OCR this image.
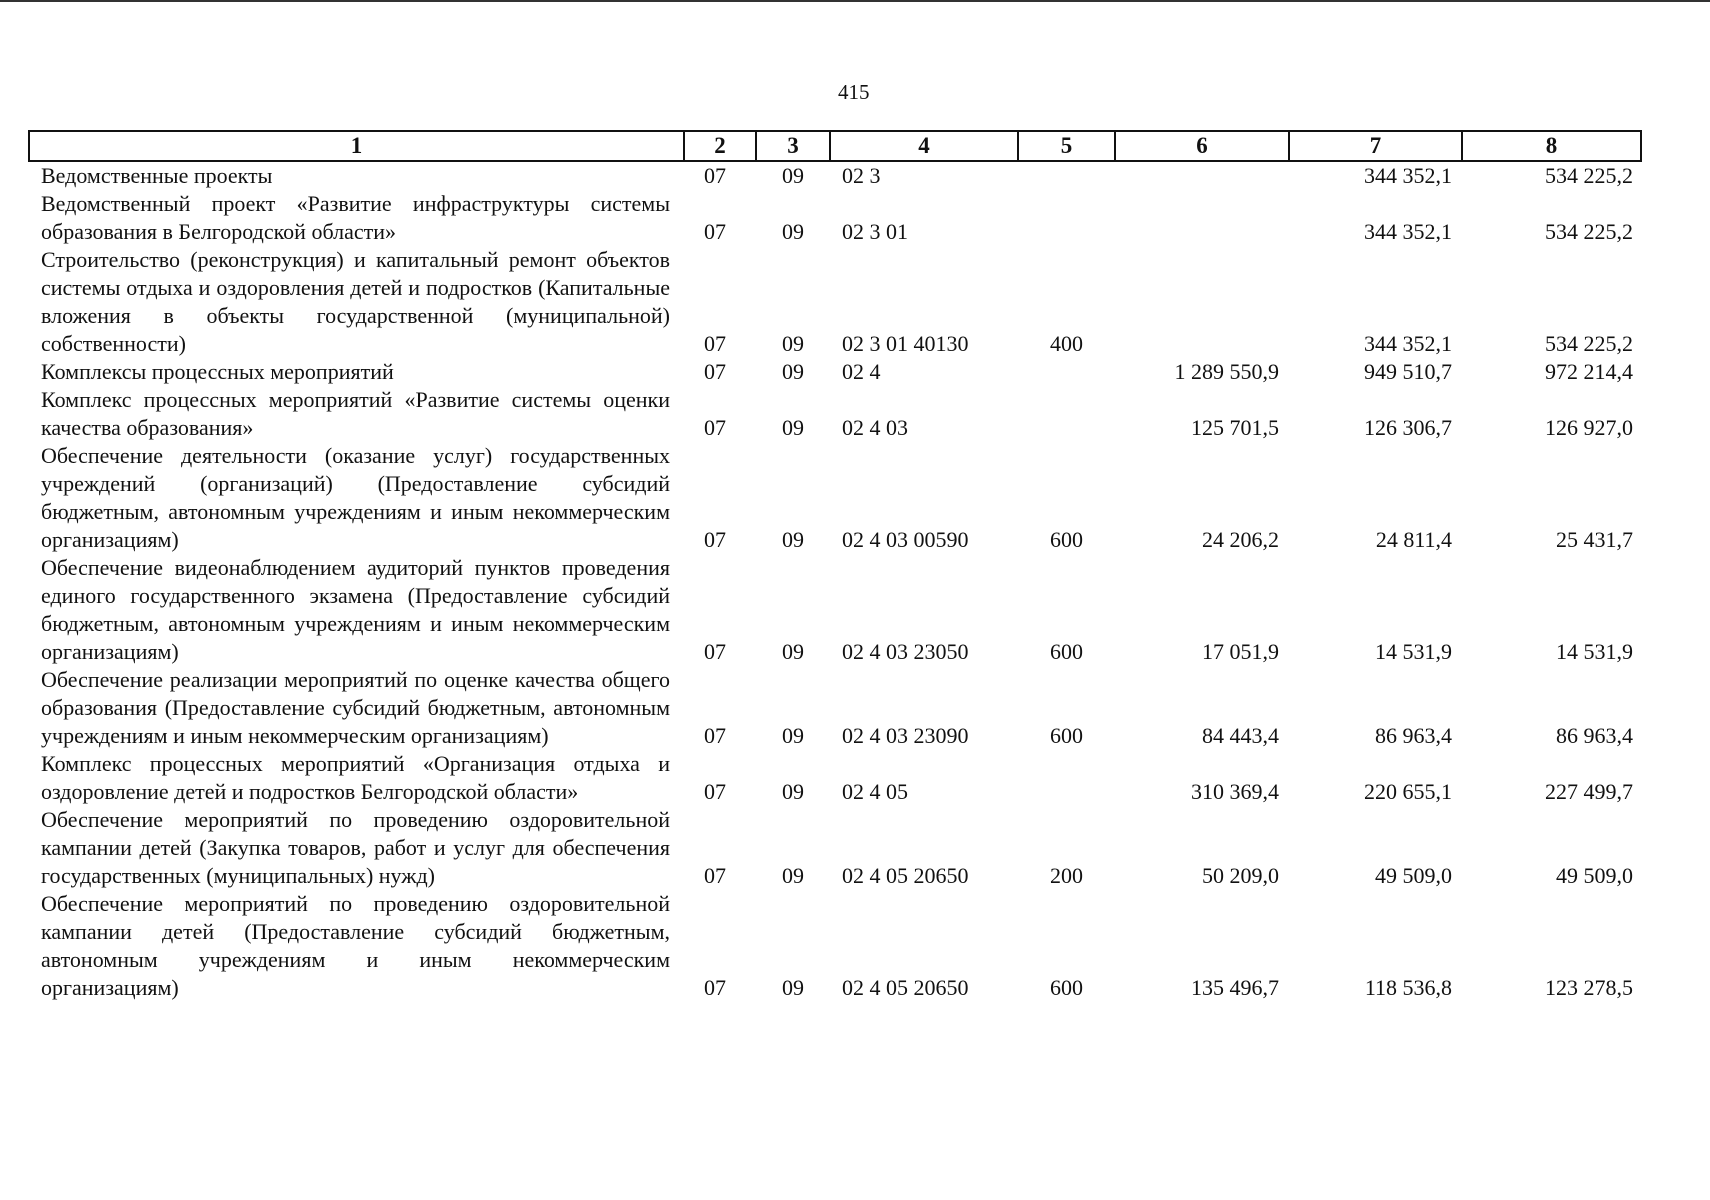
415
1	2	3	4	5	6	7	8
Ведомственные проекты	07	09	02 3			344 352,1	534 225,2
Ведомственный проект «Развитие инфраструктуры системы образования в Белгородской области»	07	09	02 3 01			344 352,1	534 225,2
Строительство (реконструкция) и капитальный ремонт объектов системы отдыха и оздоровления детей и подростков (Капитальные вложения в объекты государственной (муниципальной) собственности)	07	09	02 3 01 40130	400		344 352,1	534 225,2
Комплексы процессных мероприятий	07	09	02 4		1 289 550,9	949 510,7	972 214,4
Комплекс процессных мероприятий «Развитие системы оценки качества образования»	07	09	02 4 03		125 701,5	126 306,7	126 927,0
Обеспечение деятельности (оказание услуг) государственных учреждений (организаций) (Предоставление субсидий бюджетным, автономным учреждениям и иным некоммерческим организациям)	07	09	02 4 03 00590	600	24 206,2	24 811,4	25 431,7
Обеспечение видеонаблюдением аудиторий пунктов проведения единого государственного экзамена (Предоставление субсидий бюджетным, автономным учреждениям и иным некоммерческим организациям)	07	09	02 4 03 23050	600	17 051,9	14 531,9	14 531,9
Обеспечение реализации мероприятий по оценке качества общего образования (Предоставление субсидий бюджетным, автономным учреждениям и иным некоммерческим организациям)	07	09	02 4 03 23090	600	84 443,4	86 963,4	86 963,4
Комплекс процессных мероприятий «Организация отдыха и оздоровление детей и подростков Белгородской области»	07	09	02 4 05		310 369,4	220 655,1	227 499,7
Обеспечение мероприятий по проведению оздоровительной кампании детей (Закупка товаров, работ и услуг для обеспечения государственных (муниципальных) нужд)	07	09	02 4 05 20650	200	50 209,0	49 509,0	49 509,0
Обеспечение мероприятий по проведению оздоровительной кампании детей (Предоставление субсидий бюджетным, автономным учреждениям и иным некоммерческим организациям)	07	09	02 4 05 20650	600	135 496,7	118 536,8	123 278,5
